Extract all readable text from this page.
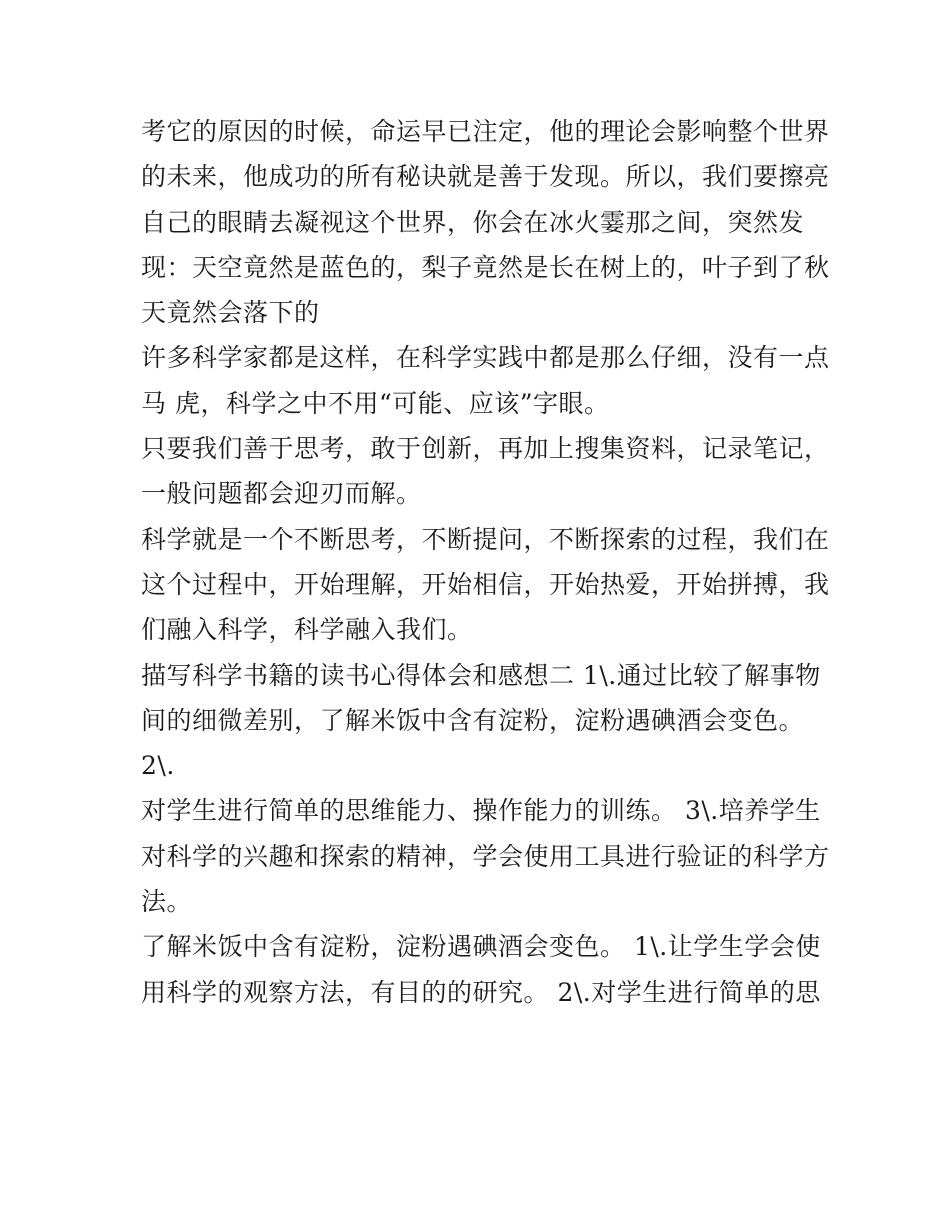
考它的原因的时候，命运早已注定，他的理论会影响整个世界
的未来，他成功的所有秘诀就是善于发现。所以，我们要擦亮
自己的眼睛去凝视这个世界，你会在冰火霎那之间，突然发
现：天空竟然是蓝色的，梨子竟然是长在树上的，叶子到了秋
天竟然会落下的
许多科学家都是这样，在科学实践中都是那么仔细，没有一点
马 虎，科学之中不用“可能、应该”字眼。
只要我们善于思考，敢于创新，再加上搜集资料，记录笔记，
一般问题都会迎刃而解。
科学就是一个不断思考，不断提问，不断探索的过程，我们在
这个过程中，开始理解，开始相信，开始热爱，开始拼搏，我
们融入科学，科学融入我们。
描写科学书籍的读书心得体会和感想二 1\.通过比较了解事物
间的细微差别，了解米饭中含有淀粉，淀粉遇碘酒会变色。
2\.
对学生进行简单的思维能力、操作能力的训练。 3\.培养学生
对科学的兴趣和探索的精神，学会使用工具进行验证的科学方
法。
了解米饭中含有淀粉，淀粉遇碘酒会变色。 1\.让学生学会使
用科学的观察方法，有目的的研究。 2\.对学生进行简单的思
